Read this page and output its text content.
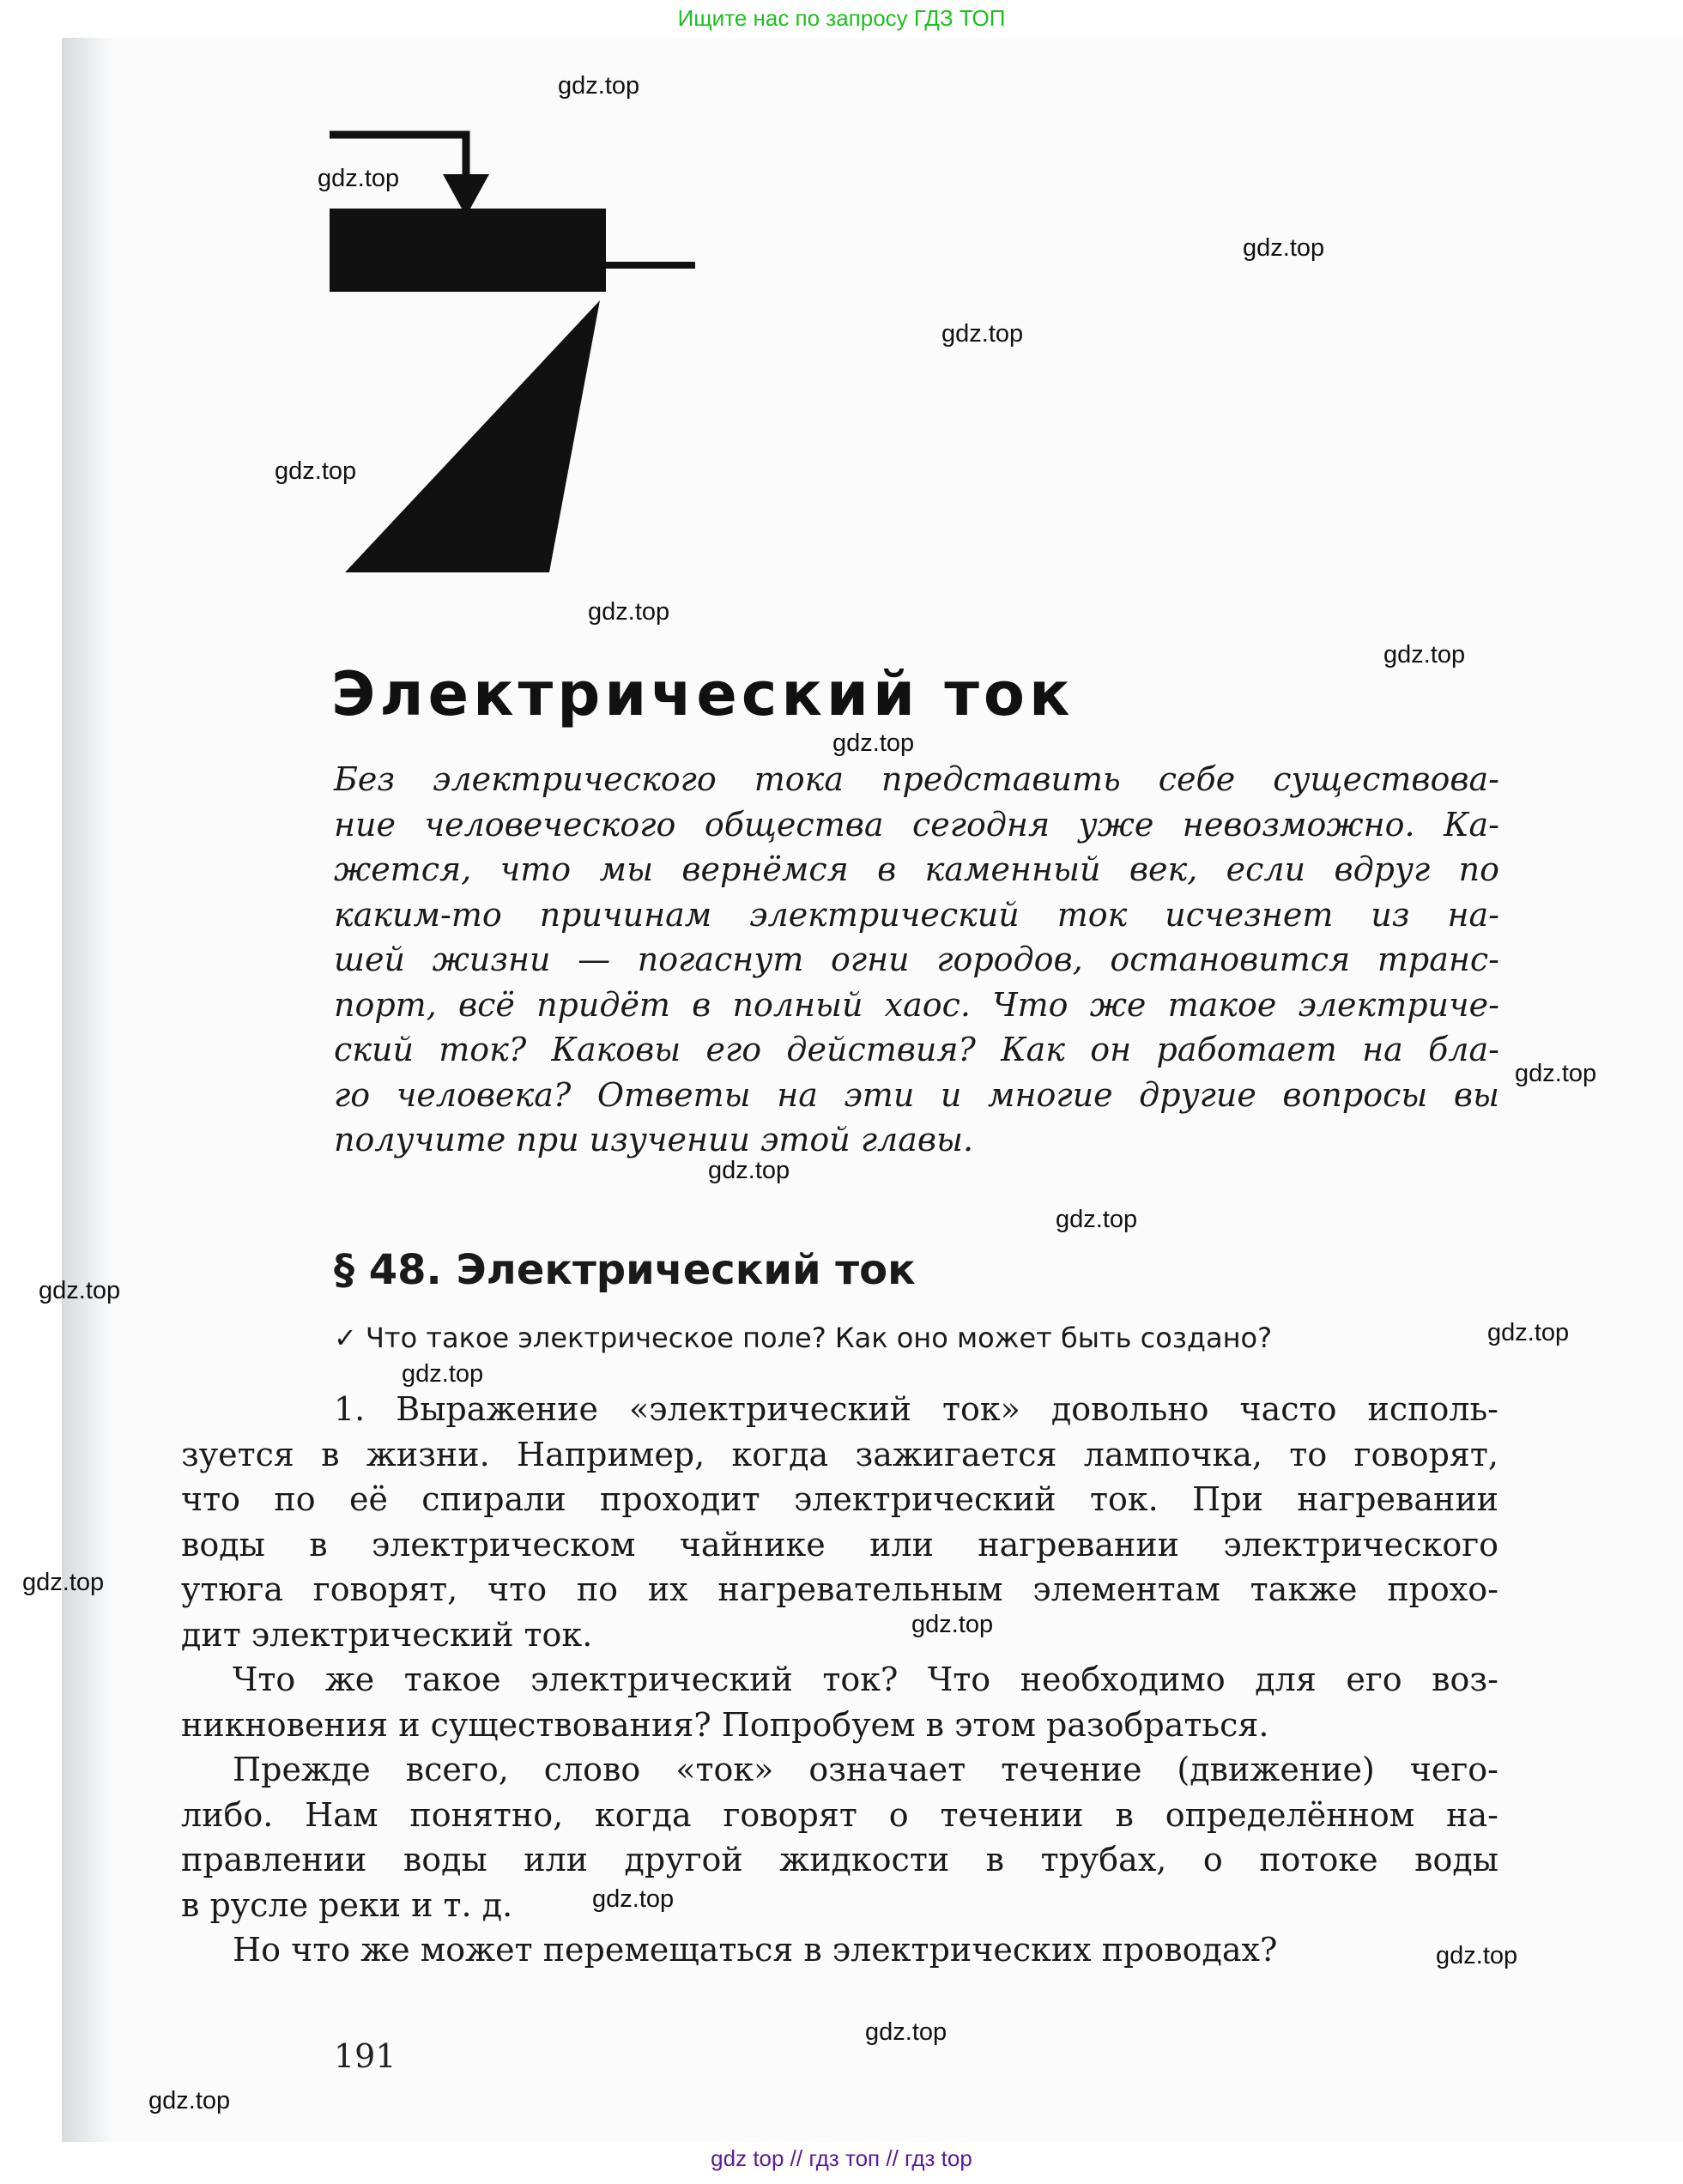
Ищите нас по запросу ГДЗ ТОП
Электрический ток
Без электрического тока представить себе существова-
ние человеческого общества сегодня уже невозможно. Ка-
жется, что мы вернёмся в каменный век, если вдруг по
каким-то причинам электрический ток исчезнет из на-
шей жизни — погаснут огни городов, остановится транс-
порт, всё придёт в полный хаос. Что же такое электриче-
ский ток? Каковы его действия? Как он работает на бла-
го человека? Ответы на эти и многие другие вопросы вы
получите при изучении этой главы.
§ 48. Электрический ток
✓ Что такое электрическое поле? Как оно может быть создано?
1. Выражение «электрический ток» довольно часто исполь-
зуется в жизни. Например, когда зажигается лампочка, то говорят,
что по её спирали проходит электрический ток. При нагревании
воды в электрическом чайнике или нагревании электрического
утюга говорят, что по их нагревательным элементам также прохо-
дит электрический ток.
Что же такое электрический ток? Что необходимо для его воз-
никновения и существования? Попробуем в этом разобраться.
Прежде всего, слово «ток» означает течение (движение) чего-
либо. Нам понятно, когда говорят о течении в определённом на-
правлении воды или другой жидкости в трубах, о потоке воды
в русле реки и т. д.
Но что же может перемещаться в электрических проводах?
191
gdz.top
gdz.top
gdz.top
gdz.top
gdz.top
gdz.top
gdz.top
gdz.top
gdz.top
gdz.top
gdz.top
gdz.top
gdz.top
gdz.top
gdz.top
gdz.top
gdz.top
gdz.top
gdz.top
gdz.top
gdz top // гдз топ // гдз top
